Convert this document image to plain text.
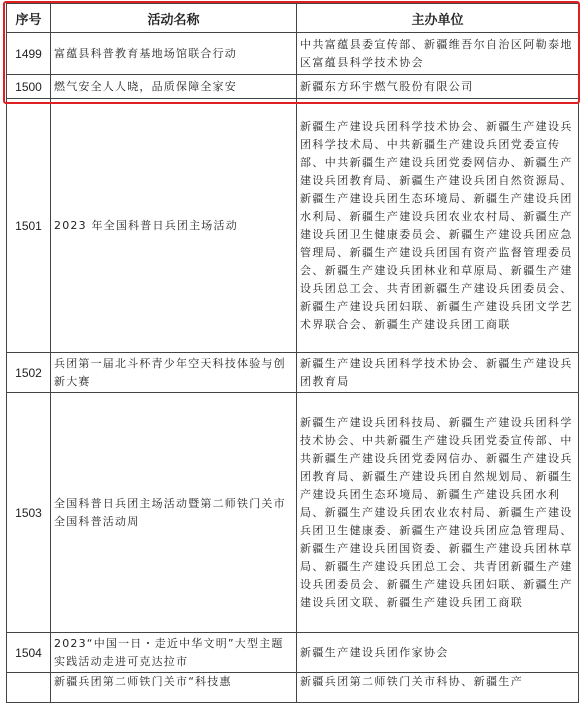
序号	活动名称	主办单位
1499	富蕴县科普教育基地场馆联合行动	中共富蕴县委宣传部、新疆维吾尔自治区阿勒泰地区富蕴县科学技术协会
1500	燃气安全人人晓，品质保障全家安	新疆东方环宇燃气股份有限公司
1501	2023 年全国科普日兵团主场活动	新疆生产建设兵团科学技术协会、新疆生产建设兵团科学技术局、中共新疆生产建设兵团党委宣传部、中共新疆生产建设兵团党委网信办、新疆生产建设兵团教育局、新疆生产建设兵团自然资源局、新疆生产建设兵团生态环境局、新疆生产建设兵团水利局、新疆生产建设兵团农业农村局、新疆生产建设兵团卫生健康委员会、新疆生产建设兵团应急管理局、新疆生产建设兵团国有资产监督管理委员会、新疆生产建设兵团林业和草原局、新疆生产建设兵团总工会、共青团新疆生产建设兵团委员会、新疆生产建设兵团妇联、新疆生产建设兵团文学艺术界联合会、新疆生产建设兵团工商联
1502	兵团第一届北斗杯青少年空天科技体验与创新大赛	新疆生产建设兵团科学技术协会、新疆生产建设兵团教育局
1503	全国科普日兵团主场活动暨第二师铁门关市全国科普活动周	新疆生产建设兵团科技局、新疆生产建设兵团科学技术协会、中共新疆生产建设兵团党委宣传部、中共新疆生产建设兵团党委网信办、新疆生产建设兵团教育局、新疆生产建设兵团自然规划局、新疆生产建设兵团生态环境局、新疆生产建设兵团水利局、新疆生产建设兵团农业农村局、新疆生产建设兵团卫生健康委、新疆生产建设兵团应急管理局、新疆生产建设兵团国资委、新疆生产建设兵团林草局、新疆生产建设兵团总工会、共青团新疆生产建设兵团委员会、新疆生产建设兵团妇联、新疆生产建设兵团文联、新疆生产建设兵团工商联
1504	2023“中国一日・走近中华文明”大型主题实践活动走进可克达拉市	新疆生产建设兵团作家协会
	新疆兵团第二师铁门关市“科技惠	新疆兵团第二师铁门关市科协、新疆生产
